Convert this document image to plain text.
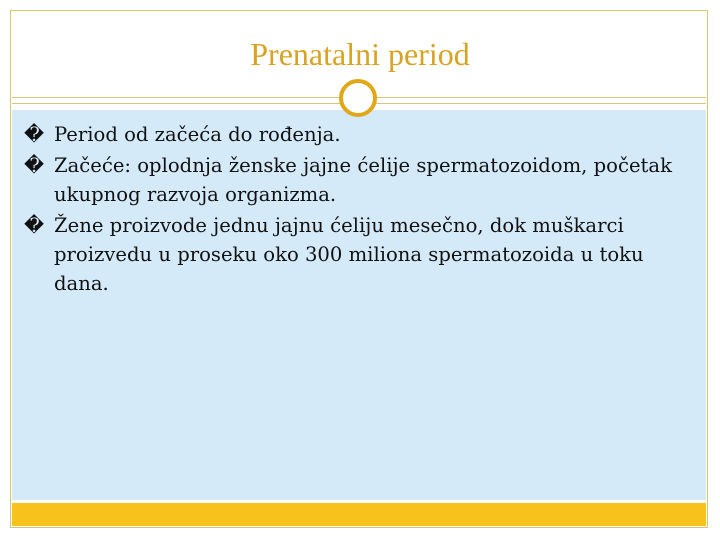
Prenatalni period
� Period od začeća do rođenja.
� Začeće: oplodnja ženske jajne ćelije spermatozoidom, početak ukupnog razvoja organizma.
� Žene proizvode jednu jajnu ćeliju mesečno, dok muškarci proizvedu u proseku oko 300 miliona spermatozoida u toku dana.
